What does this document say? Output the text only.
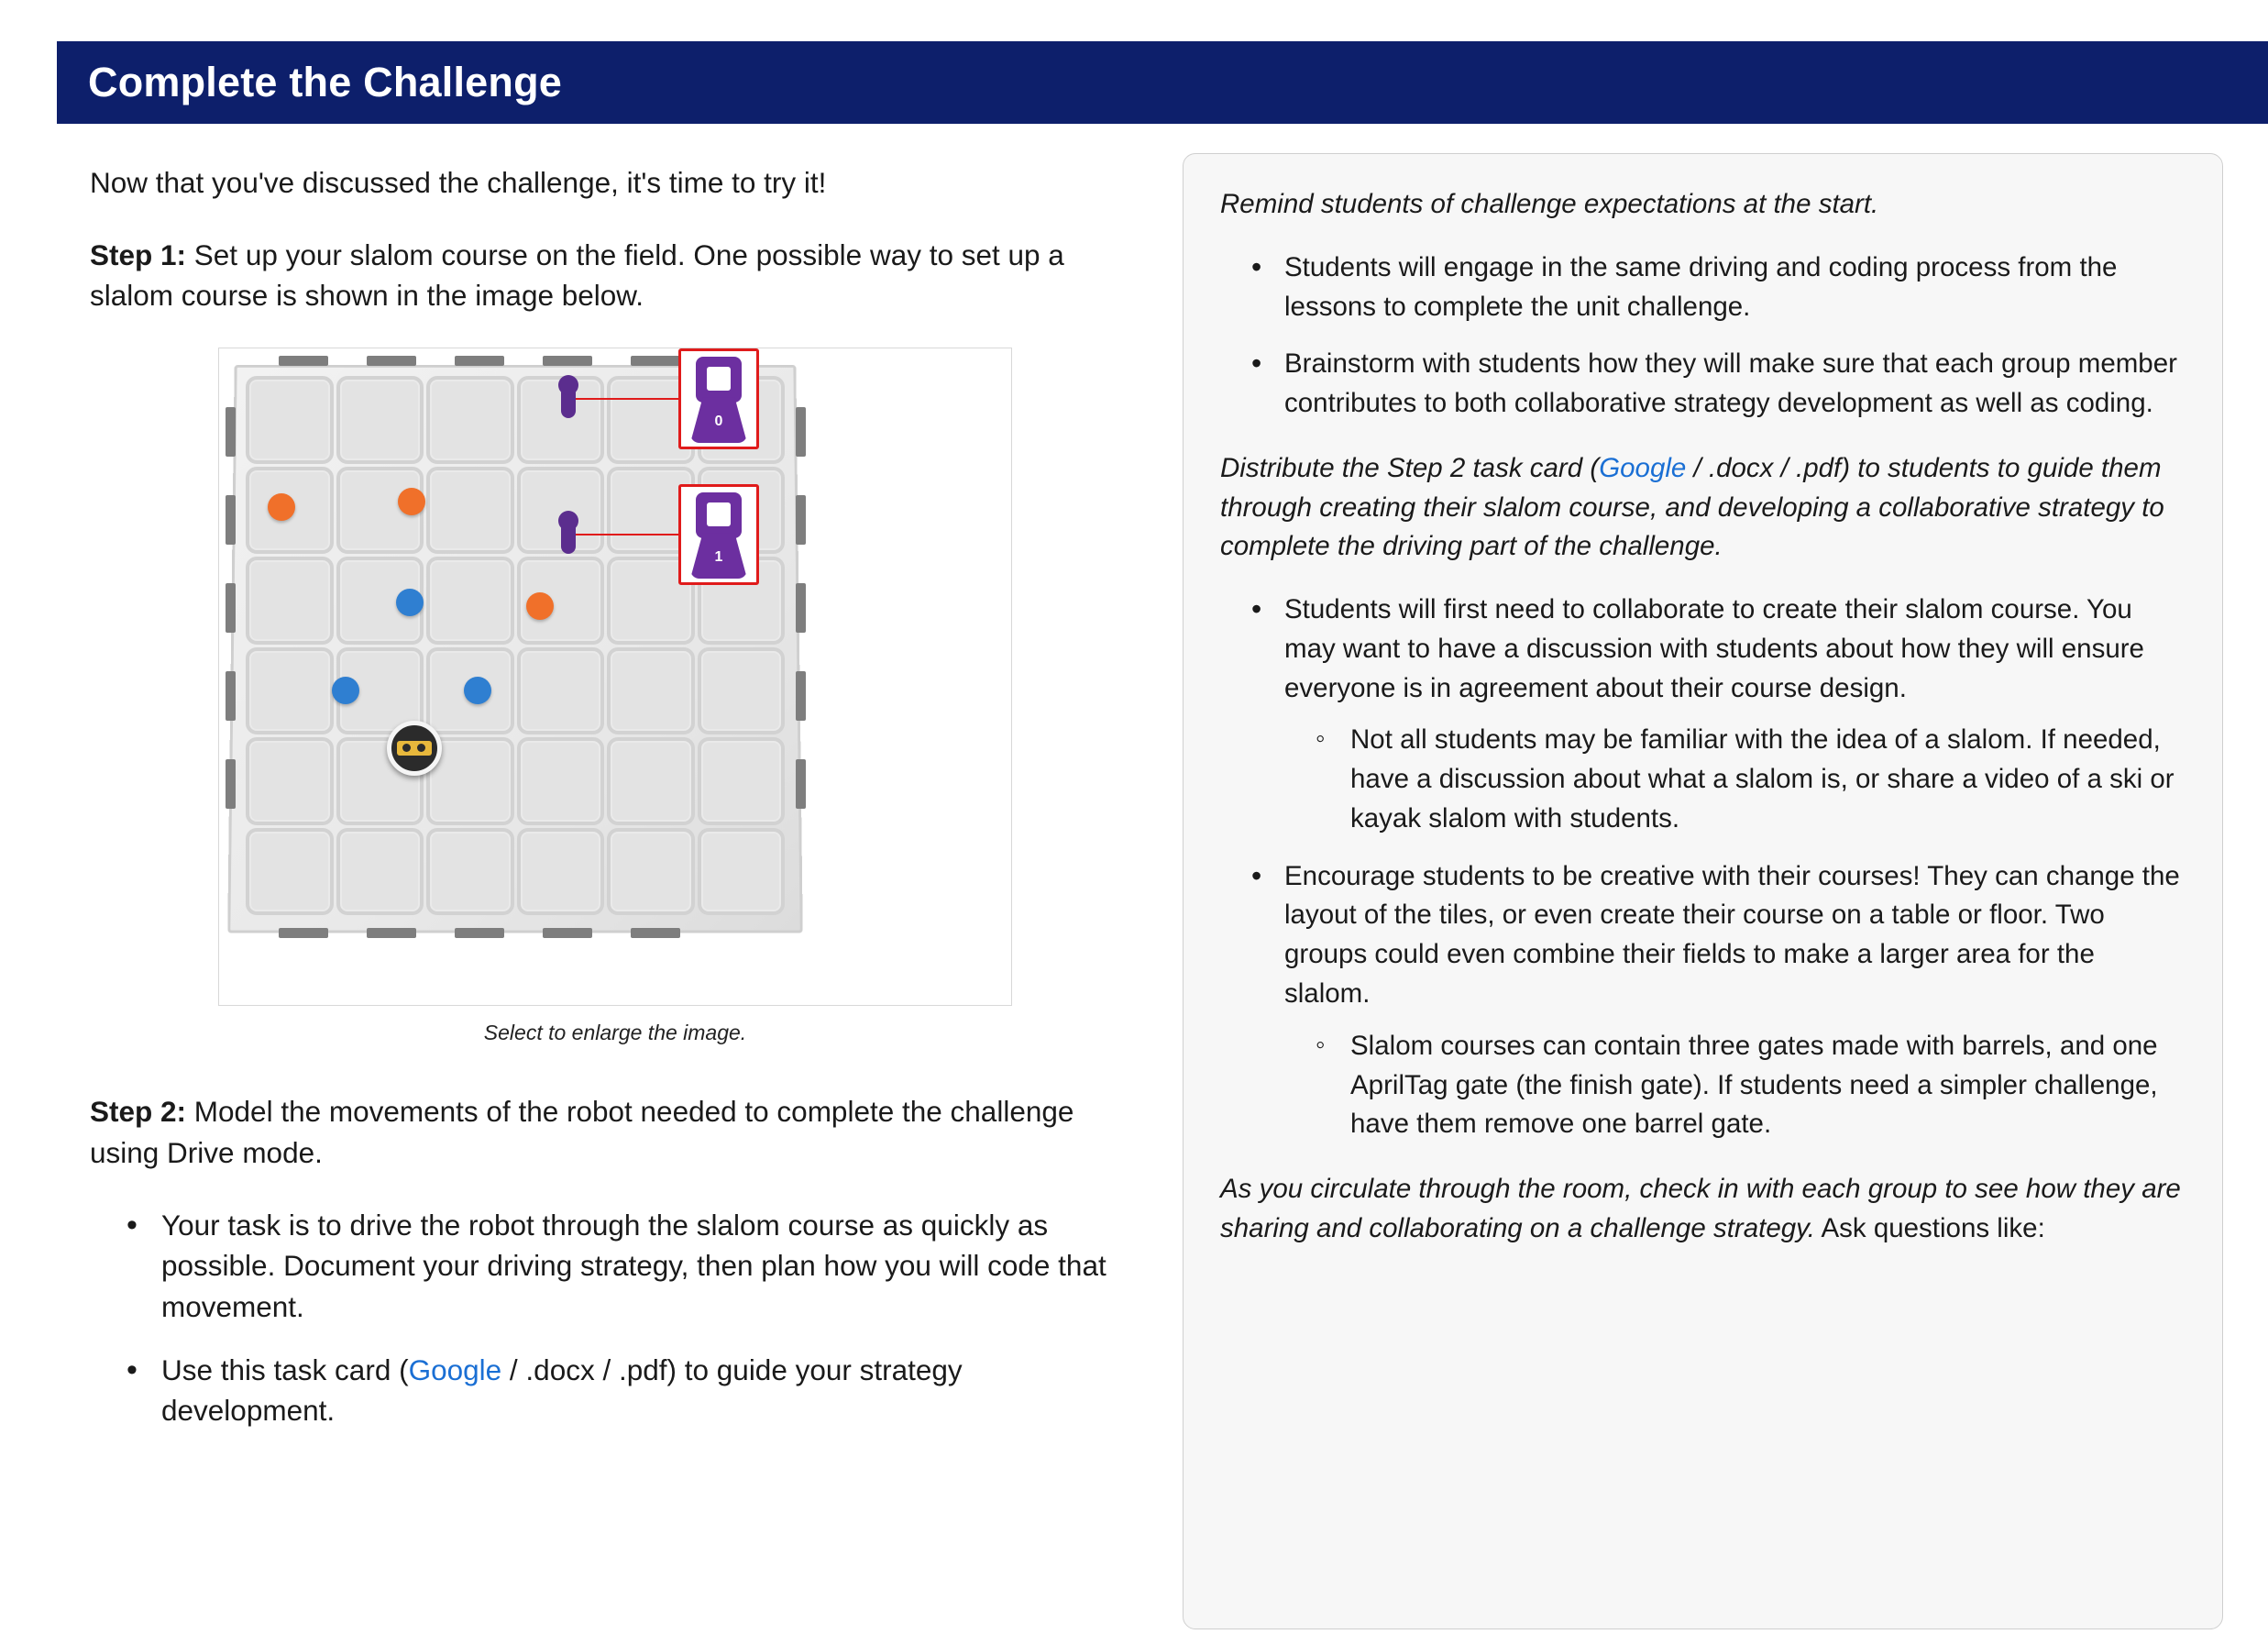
Complete the Challenge

Now that you've discussed the challenge, it's time to try it!

Step 1: Set up your slalom course on the field. One possible way to set up a slalom course is shown in the image below.

0
1
Select to enlarge the image.

Step 2: Model the movements of the robot needed to complete the challenge using Drive mode.

• Your task is to drive the robot through the slalom course as quickly as possible. Document your driving strategy, then plan how you will code that movement.
• Use this task card (Google / .docx / .pdf) to guide your strategy development.

Remind students of challenge expectations at the start.

• Students will engage in the same driving and coding process from the lessons to complete the unit challenge.
• Brainstorm with students how they will make sure that each group member contributes to both collaborative strategy development as well as coding.

Distribute the Step 2 task card (Google / .docx / .pdf) to students to guide them through creating their slalom course, and developing a collaborative strategy to complete the driving part of the challenge.

• Students will first need to collaborate to create their slalom course. You may want to have a discussion with students about how they will ensure everyone is in agreement about their course design.
◦ Not all students may be familiar with the idea of a slalom. If needed, have a discussion about what a slalom is, or share a video of a ski or kayak slalom with students.
• Encourage students to be creative with their courses! They can change the layout of the tiles, or even create their course on a table or floor. Two groups could even combine their fields to make a larger area for the slalom.
◦ Slalom courses can contain three gates made with barrels, and one AprilTag gate (the finish gate). If students need a simpler challenge, have them remove one barrel gate.

As you circulate through the room, check in with each group to see how they are sharing and collaborating on a challenge strategy. Ask questions like:
